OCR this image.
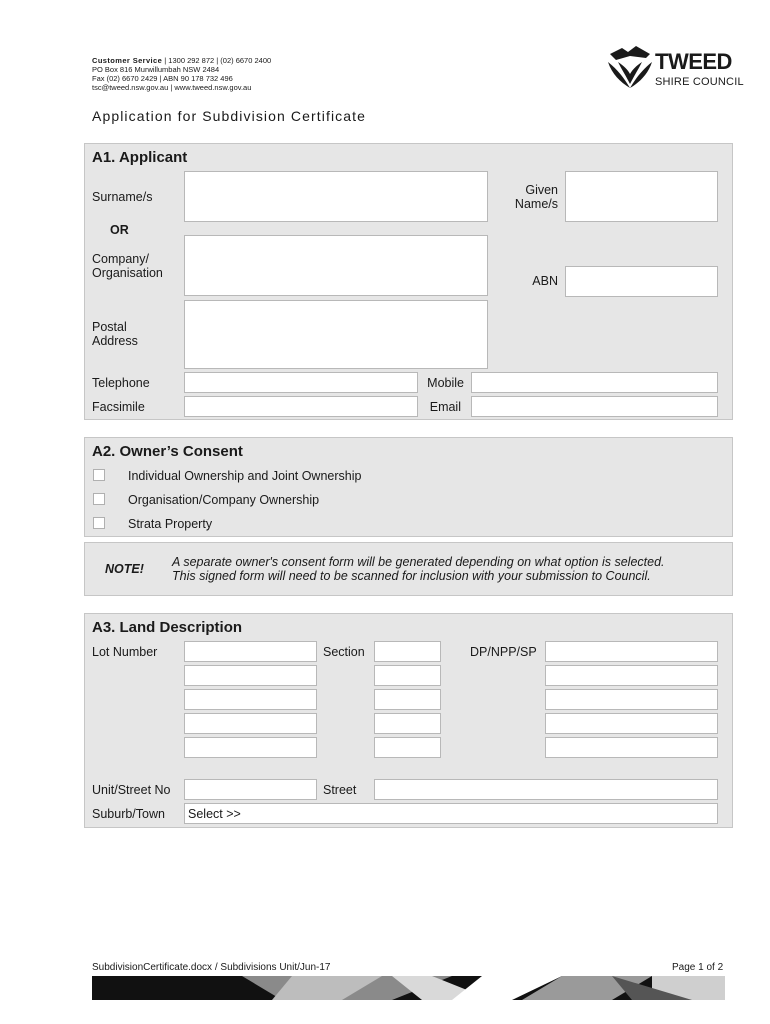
Customer Service | 1300 292 872 | (02) 6670 2400
PO Box 816 Murwillumbah NSW 2484
Fax (02) 6670 2429 | ABN 90 178 732 496
tsc@tweed.nsw.gov.au | www.tweed.nsw.gov.au
TWEED
SHIRE COUNCIL
Application for Subdivision Certificate
A1. Applicant
Surname/s	Given
Name/s
OR
Company/
Organisation
ABN
Postal
Address
Telephone	Mobile
Facsimile	Email
A2. Owner’s Consent
Individual Ownership and Joint Ownership
Organisation/Company Ownership
Strata Property
NOTE! A separate owner's consent form will be generated depending on what option is selected.
This signed form will need to be scanned for inclusion with your submission to Council.
A3. Land Description
Lot Number	Section	DP/NPP/SP
Unit/Street No	Street
Suburb/Town	Select >>
SubdivisionCertificate.docx / Subdivisions Unit/Jun-17	Page 1 of 2
